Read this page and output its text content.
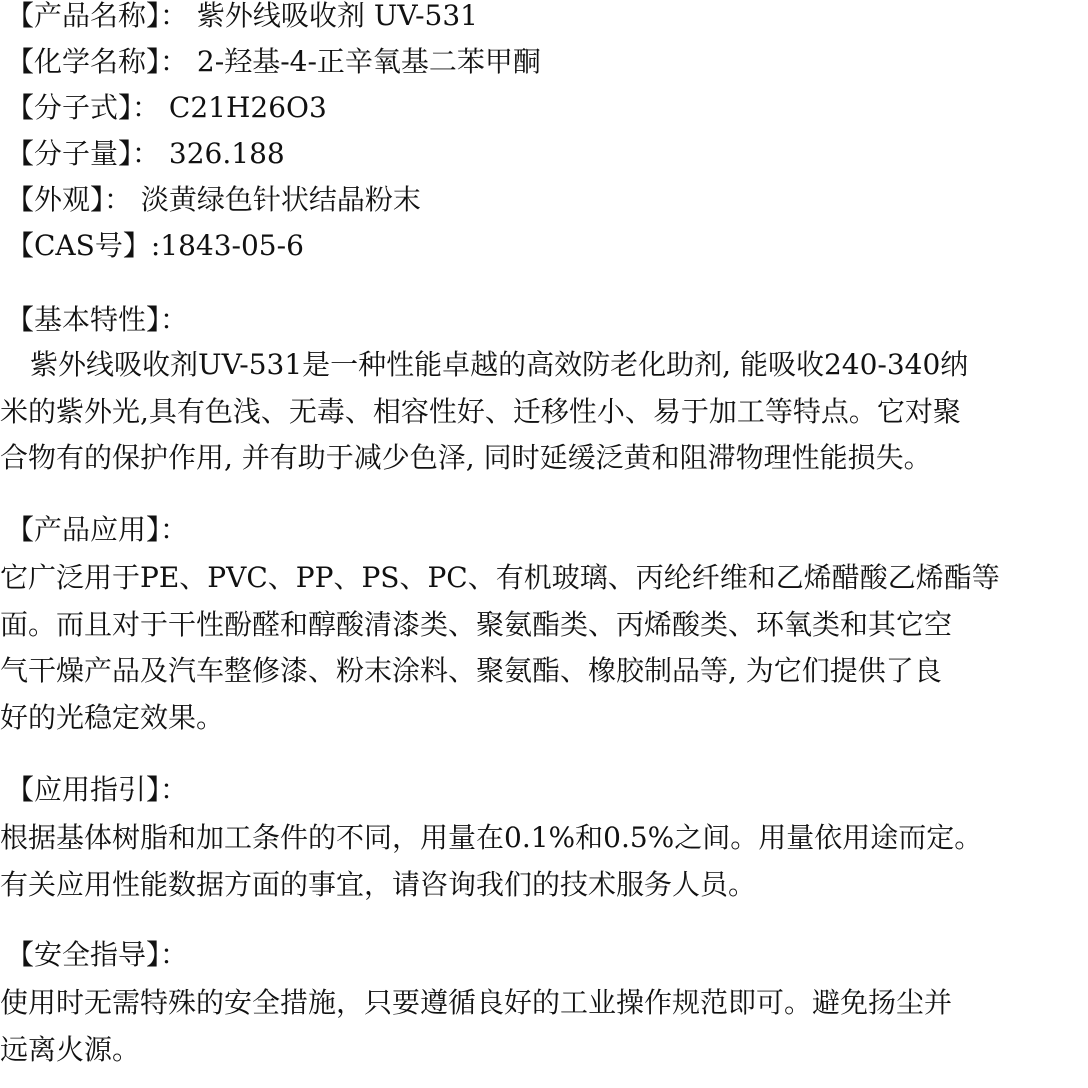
【产品名称】： 紫外线吸收剂 UV-531
【化学名称】： 2-羟基-4-正辛氧基二苯甲酮
【分子式】： C21H26O3
【分子量】： 326.188
【外观】： 淡黄绿色针状结晶粉末
【CAS号】:1843-05-6
【基本特性】：
紫外线吸收剂UV-531是一种性能卓越的高效防老化助剂, 能吸收240-340纳
米的紫外光,具有色浅、无毒、相容性好、迁移性小、易于加工等特点。它对聚
合物有的保护作用, 并有助于减少色泽, 同时延缓泛黄和阻滞物理性能损失。
【产品应用】：
它广泛用于PE、PVC、PP、PS、PC、有机玻璃、丙纶纤维和乙烯醋酸乙烯酯等
面。而且对于干性酚醛和醇酸清漆类、聚氨酯类、丙烯酸类、环氧类和其它空
气干燥产品及汽车整修漆、粉末涂料、聚氨酯、橡胶制品等, 为它们提供了良
好的光稳定效果。
【应用指引】：
根据基体树脂和加工条件的不同，用量在0.1%和0.5%之间。用量依用途而定。
有关应用性能数据方面的事宜，请咨询我们的技术服务人员。
【安全指导】：
使用时无需特殊的安全措施，只要遵循良好的工业操作规范即可。避免扬尘并
远离火源。
